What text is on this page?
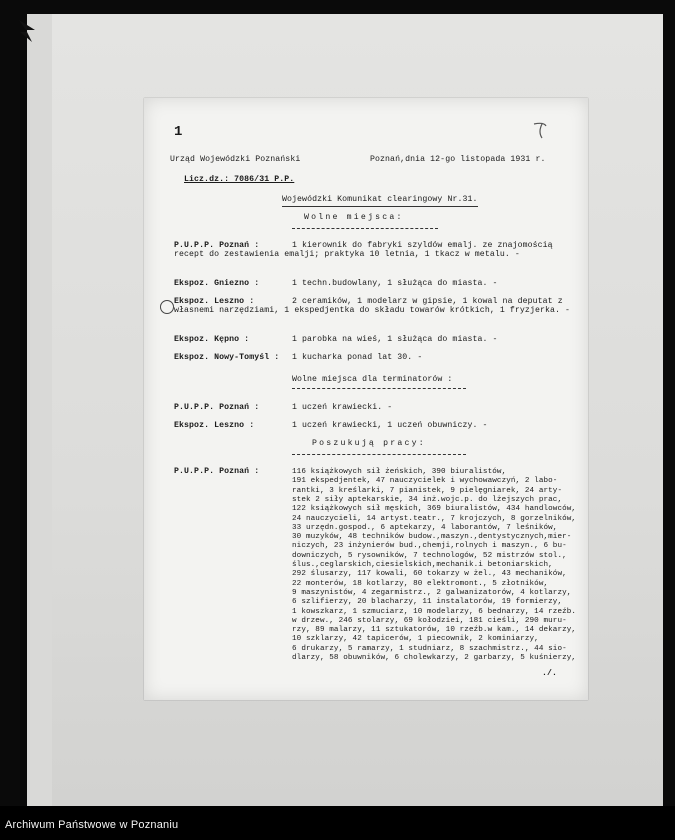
1
Urząd Wojewódzki Poznański	Poznań,dnia 12-go listopada 1931 r.
Licz.dz.: 7086/31 P.P.
Wojewódzki Komunikat clearingowy Nr.31.
Wolne miejsca:
P.U.P.P. Poznań :	1 kierownik do fabryki szyldów emalj. ze znajomością recept do zestawienia emalji; praktyka 10 letnia, 1 tkacz w metalu. -
Ekspoz. Gniezno :	1 techn.budowlany, 1 służąca do miasta. -
Ekspoz. Leszno :	2 ceramików, 1 modelarz w gipsie, 1 kowal na deputat z własnemi narzędziami, 1 ekspedjentka do składu towarów krótkich, 1 fryzjerka. -
Ekspoz. Kępno :	1 parobka na wieś, 1 służąca do miasta. -
Ekspoz. Nowy-Tomyśl : 1 kucharka ponad lat 30. -
Wolne miejsca dla terminatorów :
P.U.P.P. Poznań :	1 uczeń krawiecki. -
Ekspoz. Leszno :	1 uczeń krawiecki, 1 uczeń obuwniczy. -
Poszukują pracy:
P.U.P.P. Poznań :	116 książkowych sił żeńskich, 390 biuralistów,
191 ekspedjentek, 47 nauczycielek i wychowawczyń, 2 labo-
rantki, 3 kreślarki, 7 pianistek, 9 pielęgniarek, 24 arty-
stek 2 siły aptekarskie, 34 inż.wojc.p. do lżejszych prac,
122 książkowych sił męskich, 369 biuralistów, 434 handlowców,
24 nauczycieli, 14 artyst.teatr., 7 krojczych, 8 gorzelników,
33 urzędn.gospod., 6 aptekarzy, 4 laborantów, 7 leśników,
30 muzyków, 48 techników budow.,maszyn.,dentystycznych,mier-
niczych, 23 inżynierów bud.,chemji,rolnych i maszyn., 6 bu-
downiczych, 5 rysowników, 7 technologów, 52 mistrzów stol.,
ślus.,ceglarskich,ciesielskich,mechanik.i betoniarskich,
292 ślusarzy, 117 kowali, 60 tokarzy w żel., 43 mechaników,
22 monterów, 18 kotlarzy, 80 elektromont., 5 złotników,
9 maszynistów, 4 zegarmistrz., 2 galwanizatorów, 4 kotlarzy,
6 szlifierzy, 20 blacharzy, 11 instalatorów, 19 formierzy,
1 kowszkarz, 1 szmuciarz, 10 modelarzy, 6 bednarzy, 14 rzeźb.
w drzew., 246 stolarzy, 69 kołodziei, 181 cieśli, 290 muru-
rzy, 89 malarzy, 11 sztukatorów, 10 rzeźb.w kam., 14 dekarzy,
10 szklarzy, 42 tapicerów, 1 piecownik, 2 kominiarzy,
6 drukarzy, 5 ramarzy, 1 studniarz, 8 szachmistrz., 44 sio-
dlarzy, 58 obuwników, 6 cholewkarzy, 2 garbarzy, 5 kuśnierzy,
./.
Archiwum Państwowe w Poznaniu
